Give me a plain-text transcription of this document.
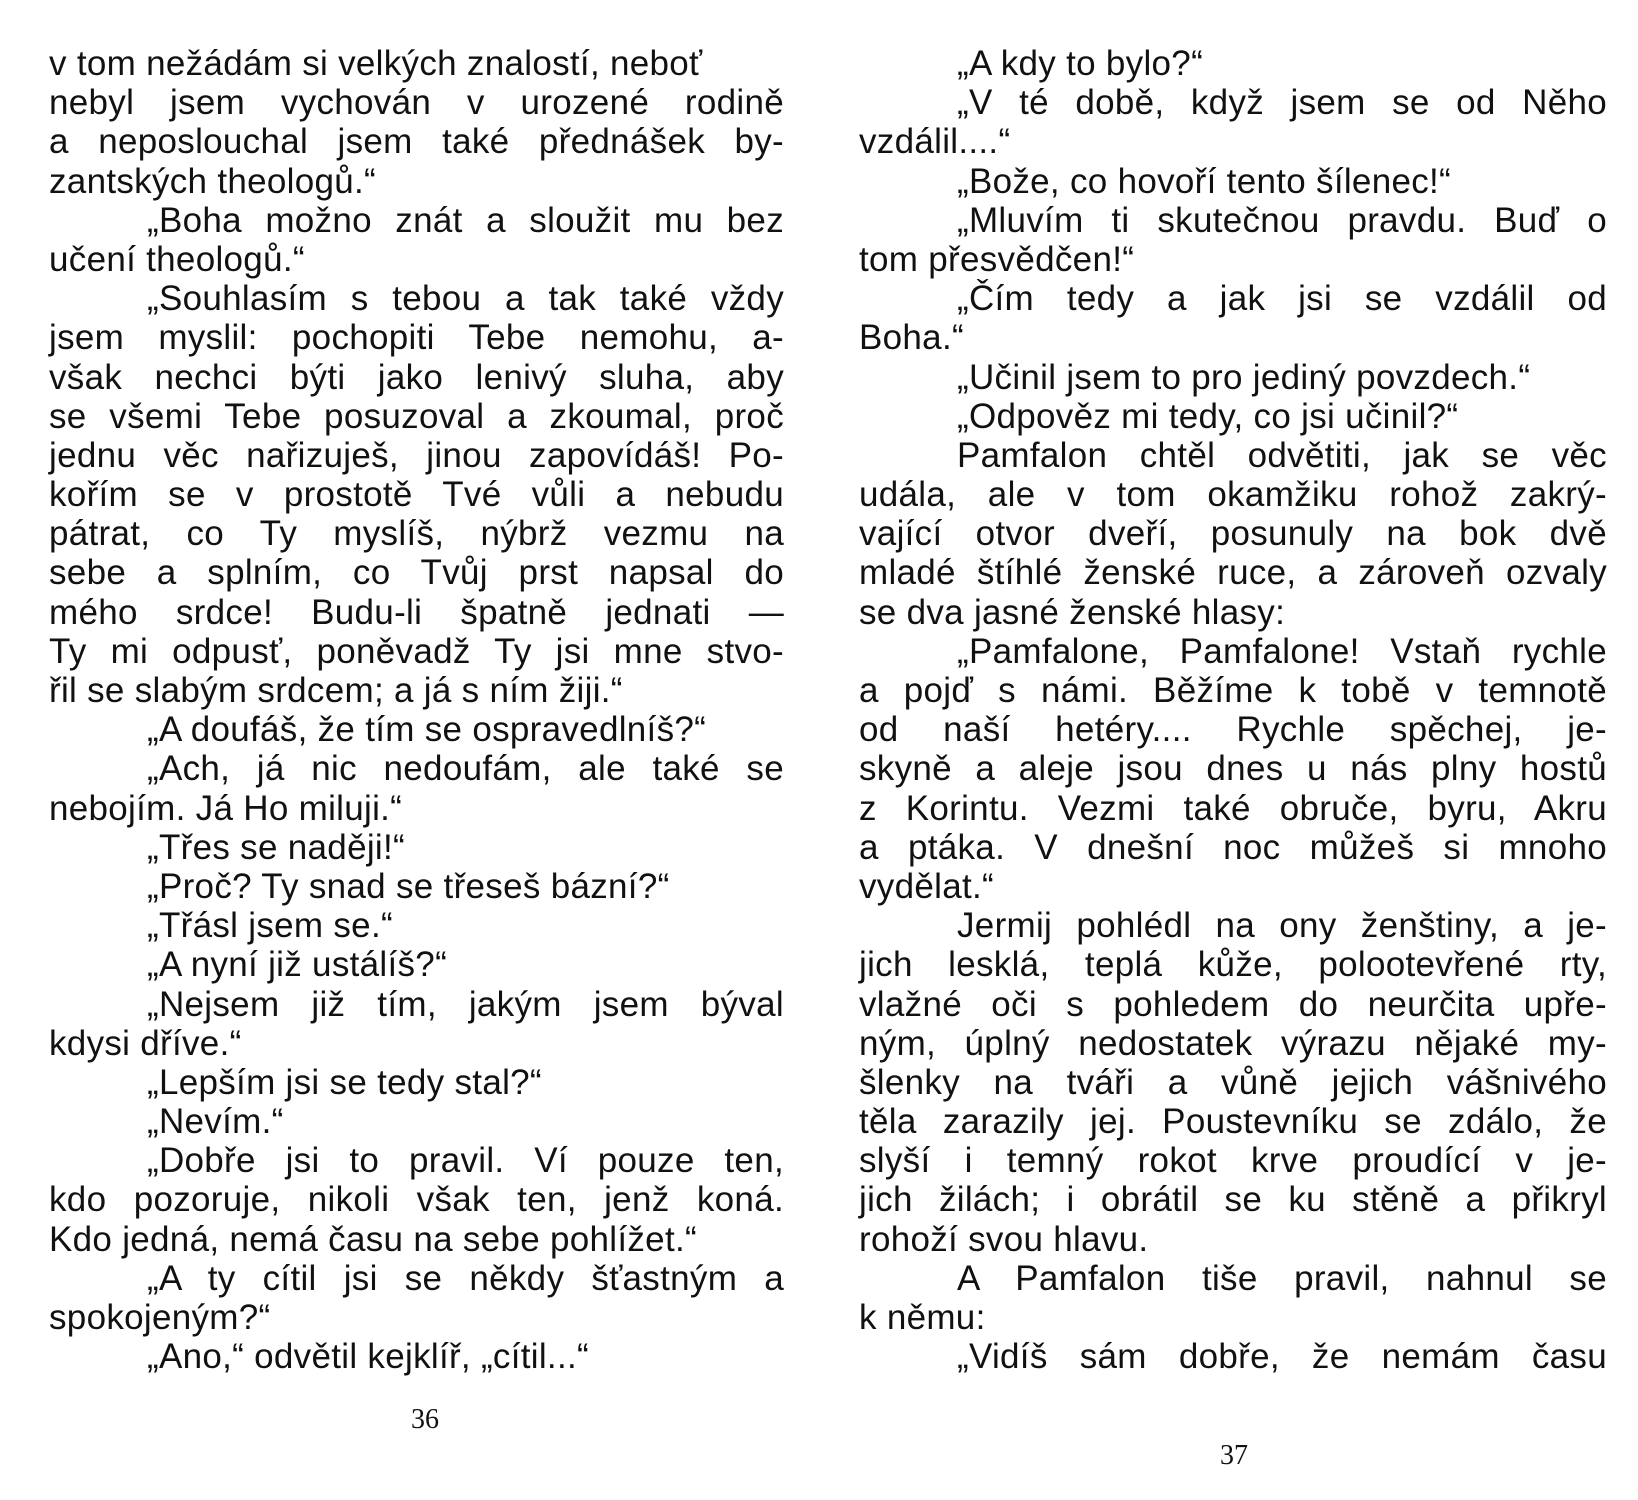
v tom nežádám si velkých znalostí, neboť
nebyl jsem vychován v urozené rodině
a neposlouchal jsem také přednášek by-
zantských theologů.“
„Boha možno znát a sloužit mu bez
učení theologů.“
„Souhlasím s tebou a tak také vždy
jsem myslil: pochopiti Tebe nemohu, a-
však nechci býti jako lenivý sluha, aby
se všemi Tebe posuzoval a zkoumal, proč
jednu věc nařizuješ, jinou zapovídáš! Po-
kořím se v prostotě Tvé vůli a nebudu
pátrat, co Ty myslíš, nýbrž vezmu na
sebe a splním, co Tvůj prst napsal do
mého srdce! Budu-li špatně jednati —
Ty mi odpusť, poněvadž Ty jsi mne stvo-
řil se slabým srdcem; a já s ním žiji.“
„A doufáš, že tím se ospravedlníš?“
„Ach, já nic nedoufám, ale také se
nebojím. Já Ho miluji.“
„Třes se naději!“
„Proč? Ty snad se třeseš bázní?“
„Třásl jsem se.“
„A nyní již ustálíš?“
„Nejsem již tím, jakým jsem býval
kdysi dříve.“
„Lepším jsi se tedy stal?“
„Nevím.“
„Dobře jsi to pravil. Ví pouze ten,
kdo pozoruje, nikoli však ten, jenž koná.
Kdo jedná, nemá času na sebe pohlížet.“
„A ty cítil jsi se někdy šťastným a
spokojeným?“
„Ano,“ odvětil kejklíř, „cítil...“
36
„A kdy to bylo?“
„V té době, když jsem se od Něho
vzdálil....“
„Bože, co hovoří tento šílenec!“
„Mluvím ti skutečnou pravdu. Buď o
tom přesvědčen!“
„Čím tedy a jak jsi se vzdálil od
Boha.“
„Učinil jsem to pro jediný povzdech.“
„Odpověz mi tedy, co jsi učinil?“
Pamfalon chtěl odvětiti, jak se věc
udála, ale v tom okamžiku rohož zakrý-
vající otvor dveří, posunuly na bok dvě
mladé štíhlé ženské ruce, a zároveň ozvaly
se dva jasné ženské hlasy:
„Pamfalone, Pamfalone! Vstaň rychle
a pojď s námi. Běžíme k tobě v temnotě
od naší hetéry.... Rychle spěchej, je-
skyně a aleje jsou dnes u nás plny hostů
z Korintu. Vezmi také obruče, byru, Akru
a ptáka. V dnešní noc můžeš si mnoho
vydělat.“
Jermij pohlédl na ony ženštiny, a je-
jich lesklá, teplá kůže, polootevřené rty,
vlažné oči s pohledem do neurčita upře-
ným, úplný nedostatek výrazu nějaké my-
šlenky na tváři a vůně jejich vášnivého
těla zarazily jej. Poustevníku se zdálo, že
slyší i temný rokot krve proudící v je-
jich žilách; i obrátil se ku stěně a přikryl
rohoží svou hlavu.
A Pamfalon tiše pravil, nahnul se
k němu:
„Vidíš sám dobře, že nemám času
37
